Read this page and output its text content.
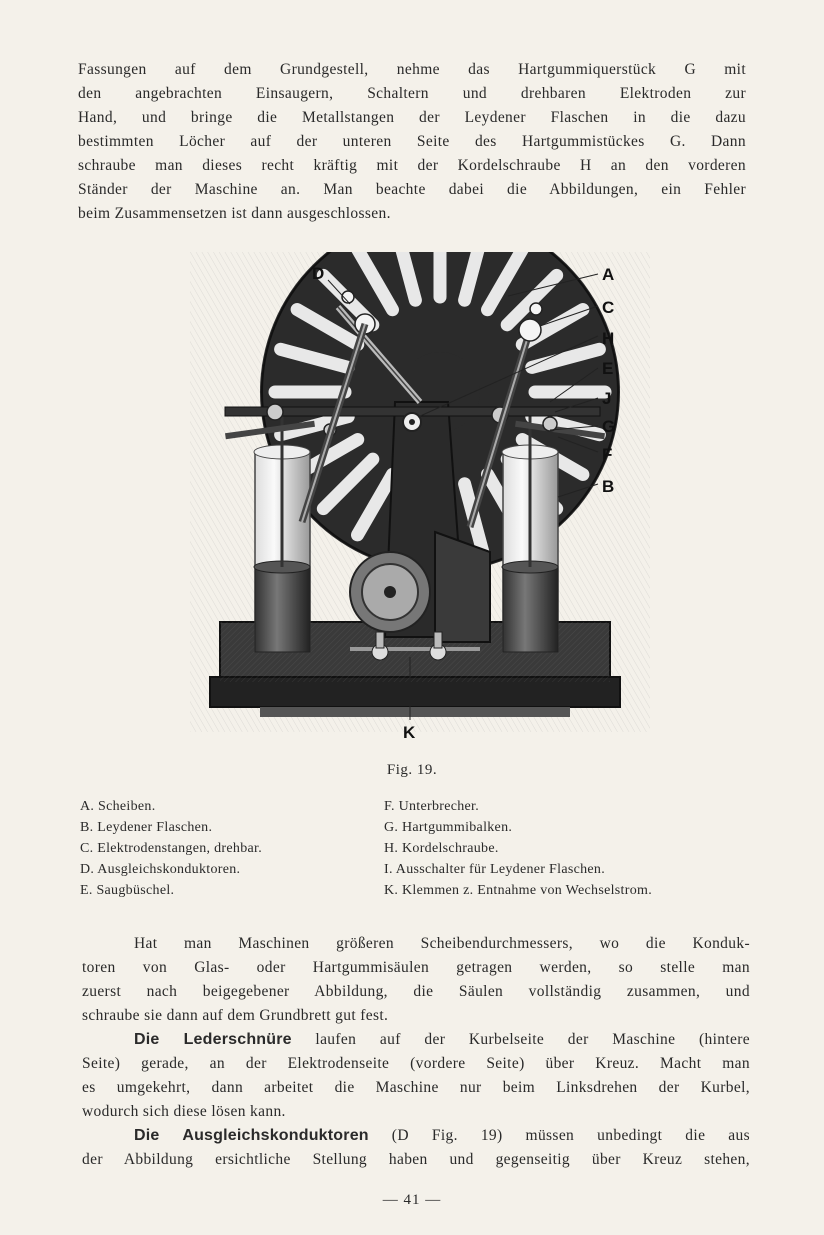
Fassungen auf dem Grundgestell, nehme das Hartgummiquerstück G mit
den angebrachten Einsaugern, Schaltern und drehbaren Elektroden zur
Hand, und bringe die Metallstangen der Leydener Flaschen in die dazu
bestimmten Löcher auf der unteren Seite des Hartgummistückes G. Dann
schraube man dieses recht kräftig mit der Kordelschraube H an den vorderen
Ständer der Maschine an. Man beachte dabei die Abbildungen, ein Fehler
beim Zusammensetzen ist dann ausgeschlossen.

D	A
C
H
E
J
G
F
B
K
Fig. 19.
A. Scheiben.
B. Leydener Flaschen.
C. Elektrodenstangen, drehbar.
D. Ausgleichskonduktoren.
E. Saugbüschel.
F. Unterbrecher.
G. Hartgummibalken.
H. Kordelschraube.
I. Ausschalter für Leydener Flaschen.
K. Klemmen z. Entnahme von Wechselstrom.

Hat man Maschinen größeren Scheibendurchmessers, wo die Konduk-
toren von Glas- oder Hartgummisäulen getragen werden, so stelle man
zuerst nach beigegebener Abbildung, die Säulen vollständig zusammen, und
schraube sie dann auf dem Grundbrett gut fest.

Die Lederschnüre laufen auf der Kurbelseite der Maschine (hintere
Seite) gerade, an der Elektrodenseite (vordere Seite) über Kreuz. Macht man
es umgekehrt, dann arbeitet die Maschine nur beim Linksdrehen der Kurbel,
wodurch sich diese lösen kann.

Die Ausgleichskonduktoren (D Fig. 19) müssen unbedingt die aus
der Abbildung ersichtliche Stellung haben und gegenseitig über Kreuz stehen,

— 41 —
